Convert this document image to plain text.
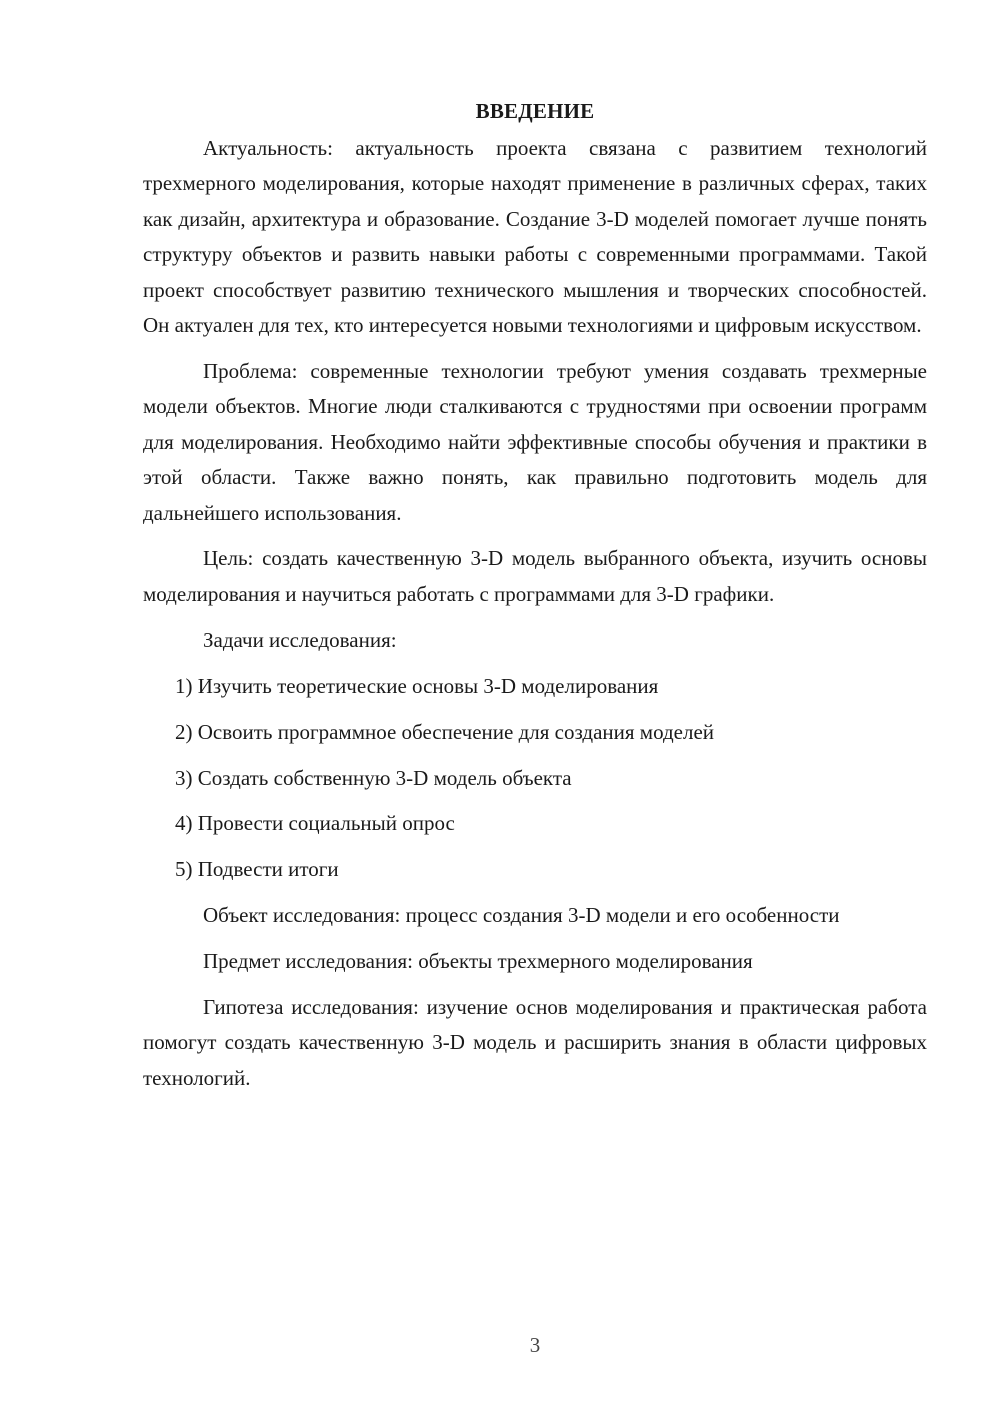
ВВЕДЕНИЕ

Актуальность: актуальность проекта связана с развитием технологий трехмерного моделирования, которые находят применение в различных сферах, таких как дизайн, архитектура и образование. Создание 3-D моделей помогает лучше понять структуру объектов и развить навыки работы с современными программами. Такой проект способствует развитию технического мышления и творческих способностей. Он актуален для тех, кто интересуется новыми технологиями и цифровым искусством.

Проблема: современные технологии требуют умения создавать трехмерные модели объектов. Многие люди сталкиваются с трудностями при освоении программ для моделирования. Необходимо найти эффективные способы обучения и практики в этой области. Также важно понять, как правильно подготовить модель для дальнейшего использования.

Цель: создать качественную 3-D модель выбранного объекта, изучить основы моделирования и научиться работать с программами для 3-D графики.

Задачи исследования:

1) Изучить теоретические основы 3-D моделирования
2) Освоить программное обеспечение для создания моделей
3) Создать собственную 3-D модель объекта
4) Провести социальный опрос
5) Подвести итоги

Объект исследования: процесс создания 3-D модели и его особенности

Предмет исследования: объекты трехмерного моделирования

Гипотеза исследования: изучение основ моделирования и практическая работа помогут создать качественную 3-D модель и расширить знания в области цифровых технологий.

3
